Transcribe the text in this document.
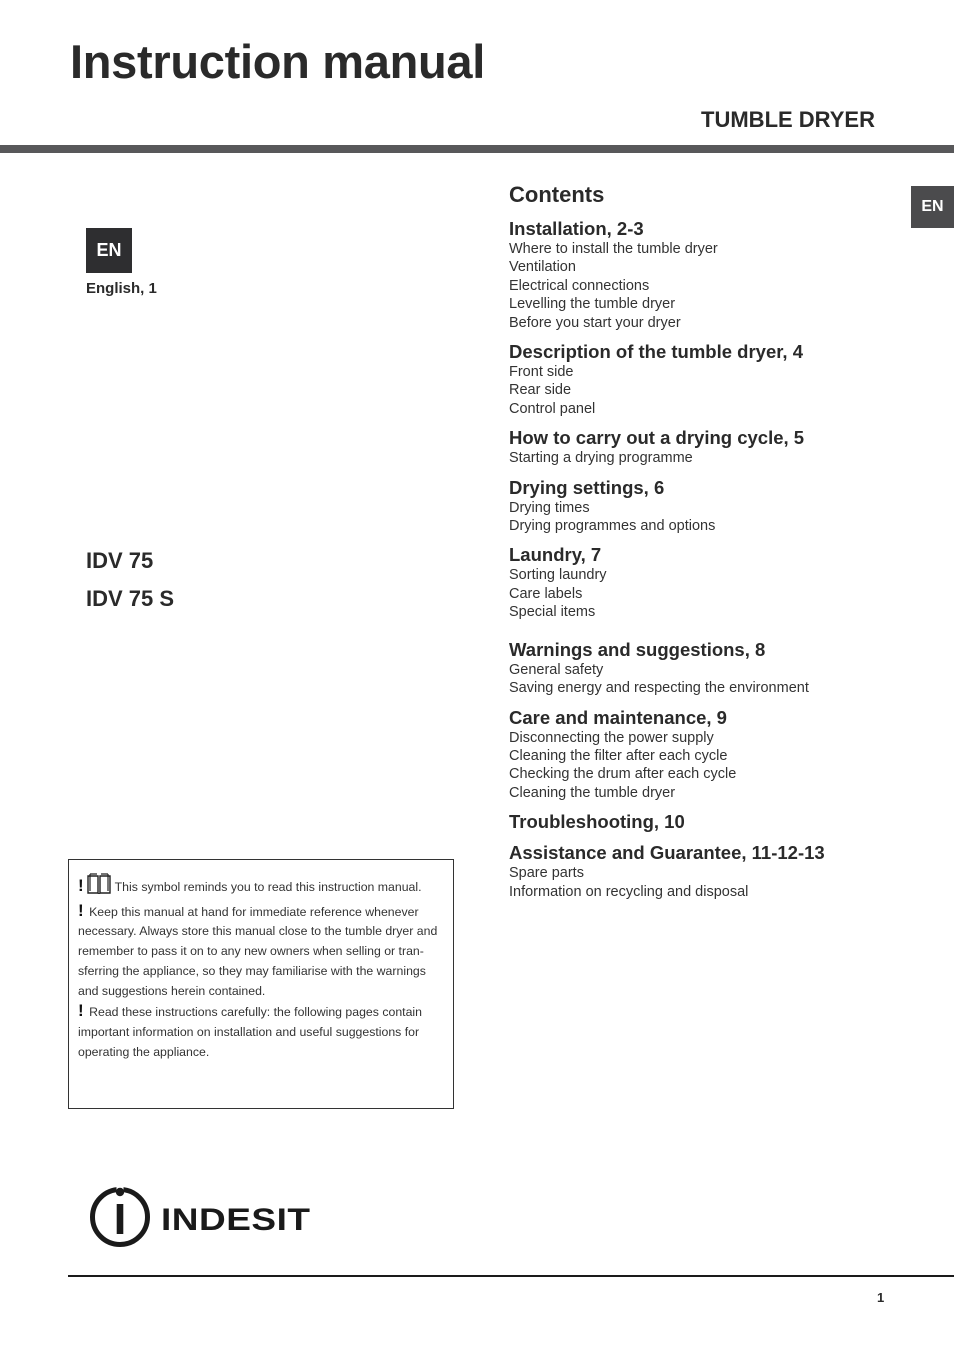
Instruction manual
TUMBLE DRYER
EN
EN
English, 1
IDV 75
IDV 75 S
Contents
Installation, 2-3
Where to install the tumble dryer
Ventilation
Electrical connections
Levelling the tumble dryer
Before you start your dryer
Description of the tumble dryer, 4
Front side
Rear side
Control panel
How to carry out a drying cycle, 5
Starting a drying programme
Drying settings, 6
Drying times
Drying programmes and options
Laundry, 7
Sorting laundry
Care labels
Special items
Warnings and suggestions, 8
General safety
Saving energy and respecting the environment
Care and maintenance, 9
Disconnecting the power supply
Cleaning the filter after each cycle
Checking the drum after each cycle
Cleaning the tumble dryer
Troubleshooting, 10
Assistance and Guarantee, 11-12-13
Spare parts
Information on recycling and disposal
!	This symbol reminds you to read this instruction manual.
! Keep this manual at hand for immediate reference whenever necessary. Always store this manual close to the tumble dryer and remember to pass it on to any new owners when selling or tran-sferring the appliance, so they may familiarise with the warnings and suggestions herein contained.
! Read these instructions carefully: the following pages contain important information on installation and useful suggestions for operating the appliance.
INDESIT
1
